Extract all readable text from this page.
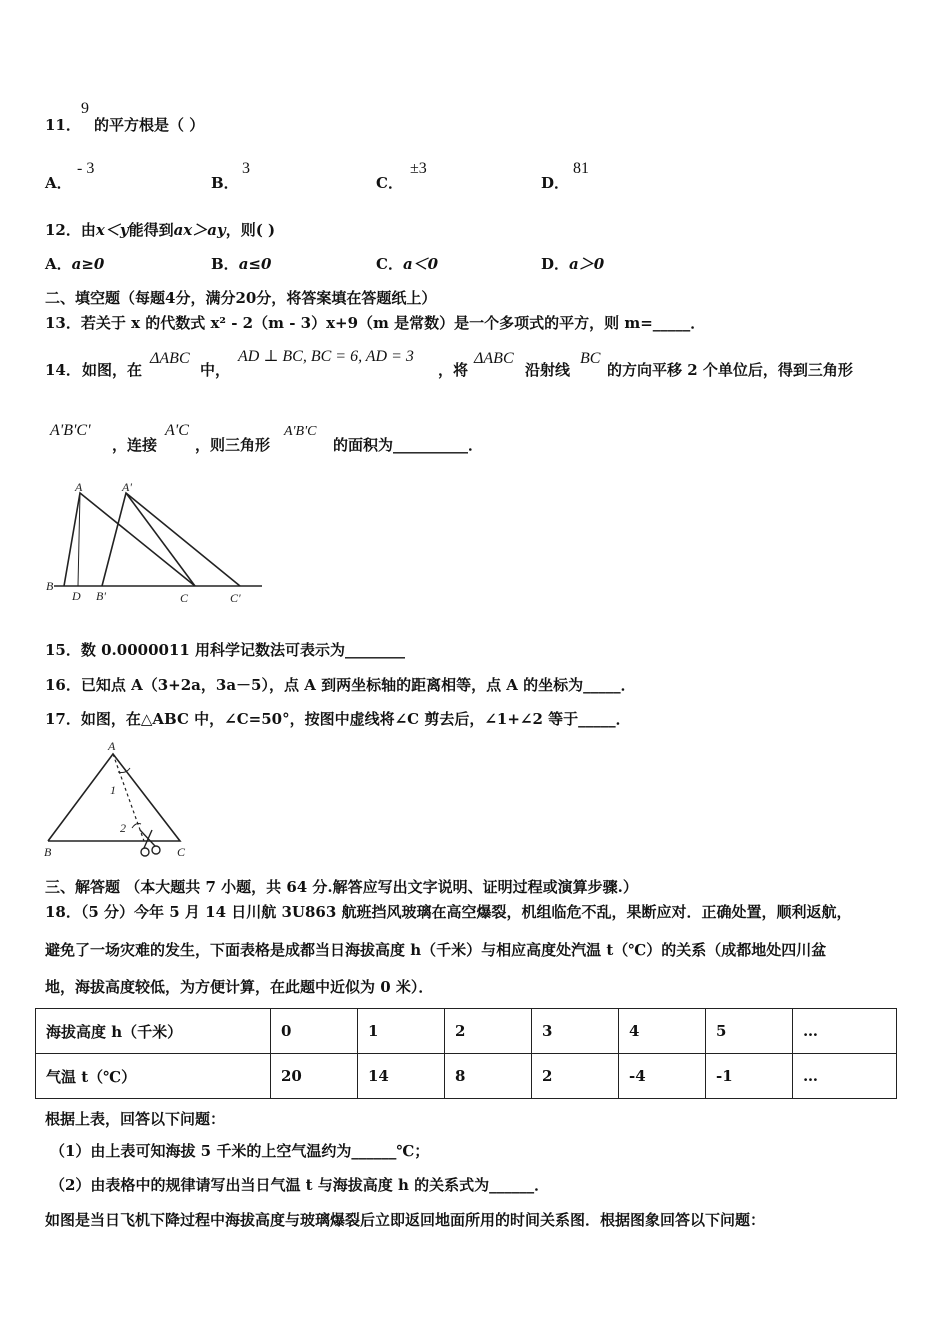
11．
9
的平方根是（ ）
A．
- 3
B．
3
C．
±3
D．
81
12．由x＜y能得到ax＞ay，则( )
A．a≥0	B．a≤0	C．a＜0	D．a＞0
二、填空题（每题4分，满分20分，将答案填在答题纸上）
13．若关于 x 的代数式 x² - 2（m - 3）x+9（m 是常数）是一个多项式的平方，则 m=_____．
14． 如图，在
ΔABC
中，
AD ⊥ BC, BC = 6, AD = 3
，将
ΔABC
沿射线
BC
的方向平移 2 个单位后，得到三角形
A'B'C'
，连接
A'C
，则三角形
A'B'C
的面积为__________．
A	A'
B
D B'	C	C'
15．数 0.0000011 用科学记数法可表示为________
16．已知点 A（3+2a，3a－5），点 A 到两坐标轴的距离相等，点 A 的坐标为_____．
17．如图，在△ABC 中，∠C=50°，按图中虚线将∠C 剪去后，∠1+∠2 等于_____．
A
B	C
1
2
三、解答题 （本大题共 7 小题，共 64 分.解答应写出文字说明、证明过程或演算步骤.）
18．（5 分）今年 5 月 14 日川航 3U863 航班挡风玻璃在高空爆裂，机组临危不乱，果断应对．正确处置，顺利返航，
避免了一场灾难的发生，下面表格是成都当日海拔高度 h（千米）与相应高度处汽温 t（℃）的关系（成都地处四川盆
地，海拔高度较低，为方便计算，在此题中近似为 0 米）．
海拔高度 h（千米）	0	1	2	3	4	5	…
气温 t（℃）	20	14	8	2	-4	-1	…
根据上表，回答以下问题：
（1）由上表可知海拔 5 千米的上空气温约为______℃；
（2）由表格中的规律请写出当日气温 t 与海拔高度 h 的关系式为______．
如图是当日飞机下降过程中海拔高度与玻璃爆裂后立即返回地面所用的时间关系图．根据图象回答以下问题：
